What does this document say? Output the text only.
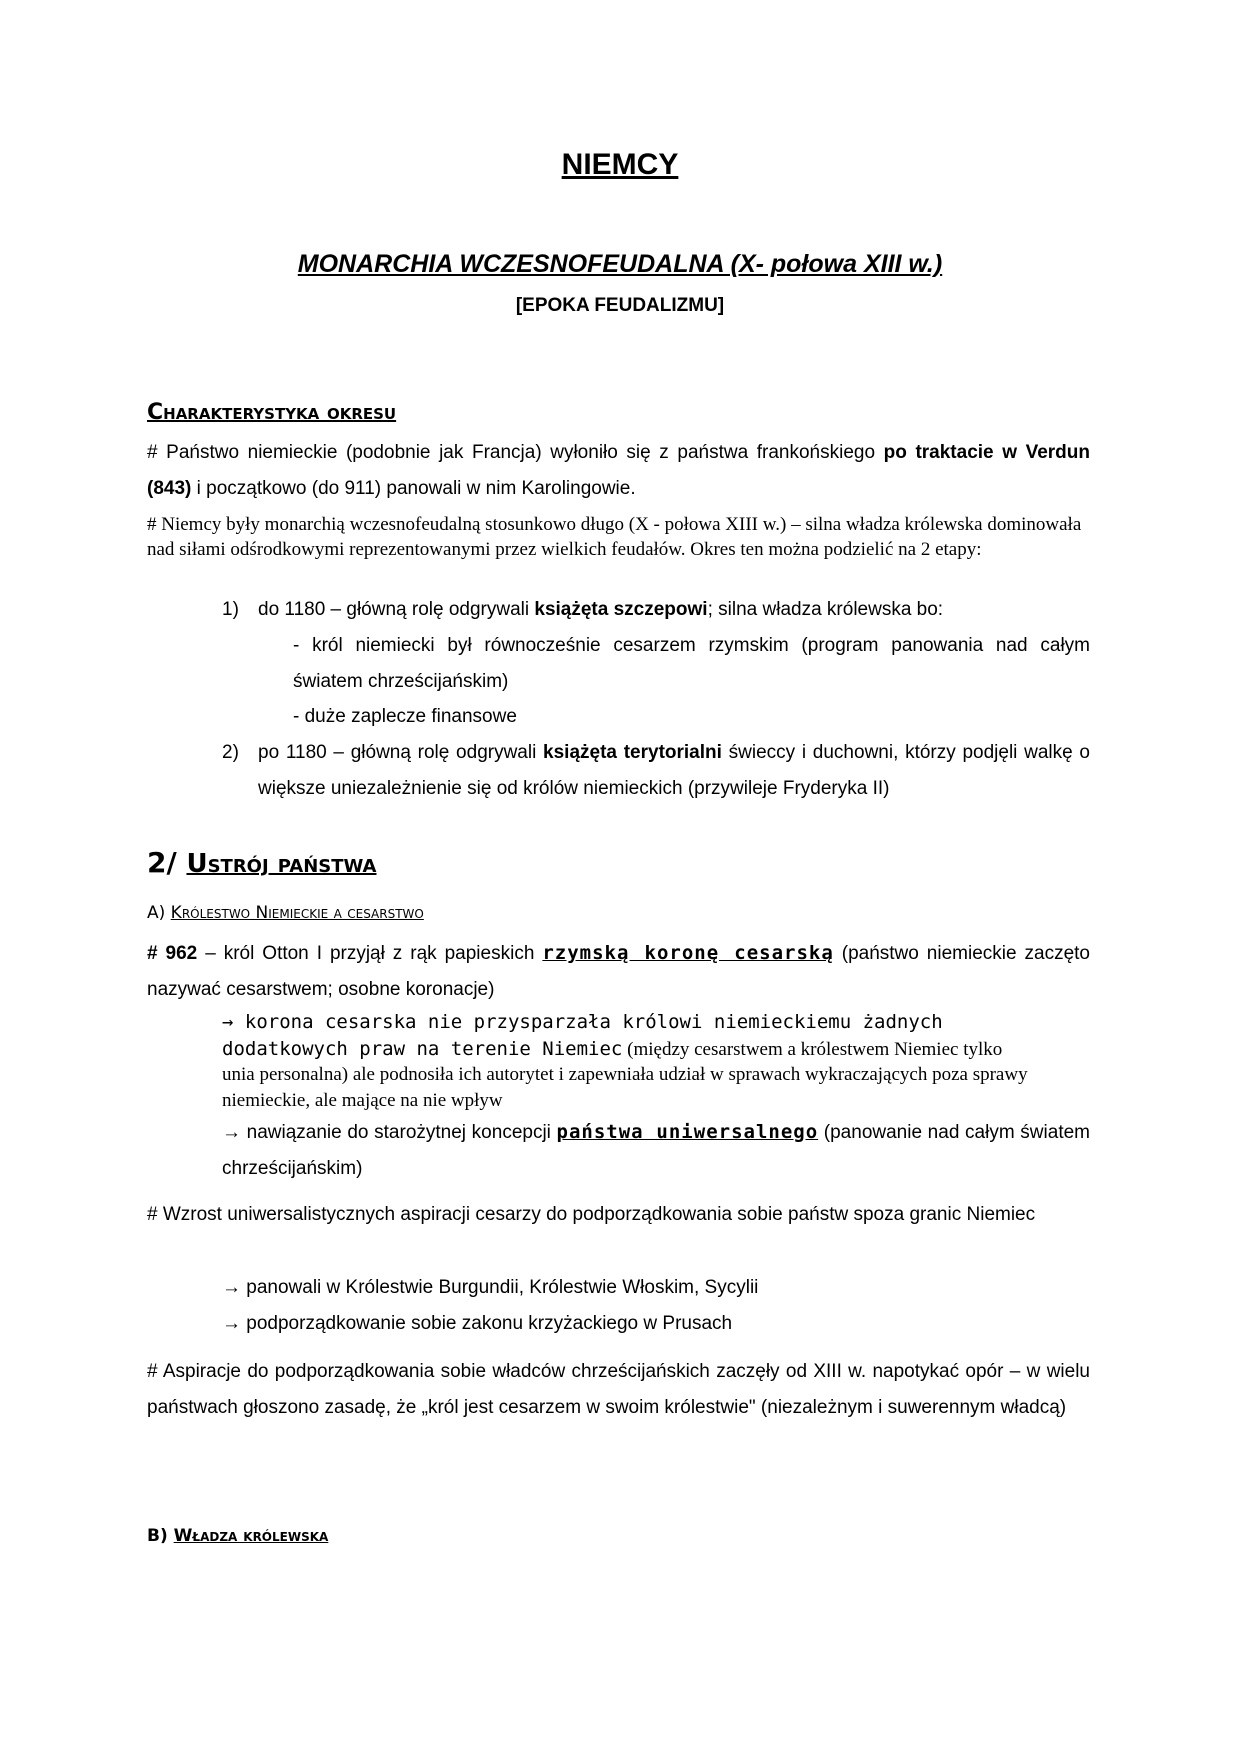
NIEMCY
MONARCHIA WCZESNOFEUDALNA (X- połowa XIII w.)
[EPOKA FEUDALIZMU]
Charakterystyka okresu
# Państwo niemieckie (podobnie jak Francja) wyłoniło się z państwa frankońskiego po traktacie w Verdun (843) i początkowo (do 911) panowali w nim Karolingowie.
# Niemcy były monarchią wczesnofeudalną stosunkowo długo (X - połowa XIII w.) – silna władza królewska dominowała nad siłami odśrodkowymi reprezentowanymi przez wielkich feudałów. Okres ten można podzielić na 2 etapy:
1) do 1180 – główną rolę odgrywali książęta szczepowi; silna władza królewska bo:
- król niemiecki był równocześnie cesarzem rzymskim (program panowania nad całym światem chrześcijańskim)
- duże zaplecze finansowe
2) po 1180 – główną rolę odgrywali książęta terytorialni świeccy i duchowni, którzy podjęli walkę o większe uniezależnienie się od królów niemieckich (przywileje Fryderyka II)
2/ Ustrój państwa
A) Królestwo Niemieckie a cesarstwo
# 962 – król Otton I przyjął z rąk papieskich rzymską koronę cesarską (państwo niemieckie zaczęto nazywać cesarstwem; osobne koronacje)
→ korona cesarska nie przysparzała królowi niemieckiemu żadnych dodatkowych praw na terenie Niemiec (między cesarstwem a królestwem Niemiec tylko unia personalna) ale podnosiła ich autorytet i zapewniała udział w sprawach wykraczających poza sprawy niemieckie, ale mające na nie wpływ
→ nawiązanie do starożytnej koncepcji państwa uniwersalnego (panowanie nad całym światem chrześcijańskim)
# Wzrost uniwersalistycznych aspiracji cesarzy do podporządkowania sobie państw spoza granic Niemiec
→ panowali w Królestwie Burgundii, Królestwie Włoskim, Sycylii
→ podporządkowanie sobie zakonu krzyżackiego w Prusach
# Aspiracje do podporządkowania sobie władców chrześcijańskich zaczęły od XIII w. napotykać opór – w wielu państwach głoszono zasadę, że „król jest cesarzem w swoim królestwie" (niezależnym i suwerennym władcą)
B) Władza królewska
